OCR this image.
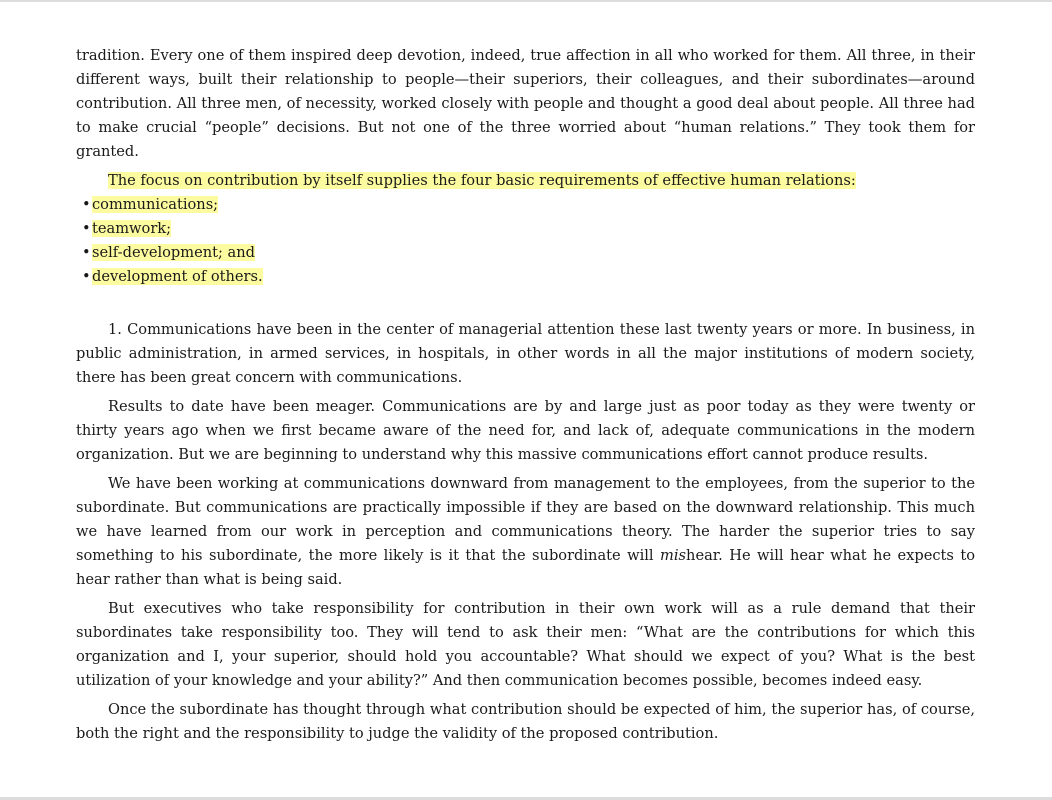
tradition. Every one of them inspired deep devotion, indeed, true affection in all who worked for them. All three, in their different ways, built their relationship to people—their superiors, their colleagues, and their subordinates—around contribution. All three men, of necessity, worked closely with people and thought a good deal about people. All three had to make crucial “people” decisions. But not one of the three worried about “human relations.” They took them for granted.

The focus on contribution by itself supplies the four basic requirements of effective human relations:

• communications;
• teamwork;
• self-development; and
• development of others.

1. Communications have been in the center of managerial attention these last twenty years or more. In business, in public administration, in armed services, in hospitals, in other words in all the major institutions of modern society, there has been great concern with communications.

Results to date have been meager. Communications are by and large just as poor today as they were twenty or thirty years ago when we first became aware of the need for, and lack of, adequate communications in the modern organization. But we are beginning to understand why this massive communications effort cannot produce results.

We have been working at communications downward from management to the employees, from the superior to the subordinate. But communications are practically impossible if they are based on the downward relationship. This much we have learned from our work in perception and communications theory. The harder the superior tries to say something to his subordinate, the more likely is it that the subordinate will mishear. He will hear what he expects to hear rather than what is being said.

But executives who take responsibility for contribution in their own work will as a rule demand that their subordinates take responsibility too. They will tend to ask their men: “What are the contributions for which this organization and I, your superior, should hold you accountable? What should we expect of you? What is the best utilization of your knowledge and your ability?” And then communication becomes possible, becomes indeed easy.

Once the subordinate has thought through what contribution should be expected of him, the superior has, of course, both the right and the responsibility to judge the validity of the proposed contribution.
